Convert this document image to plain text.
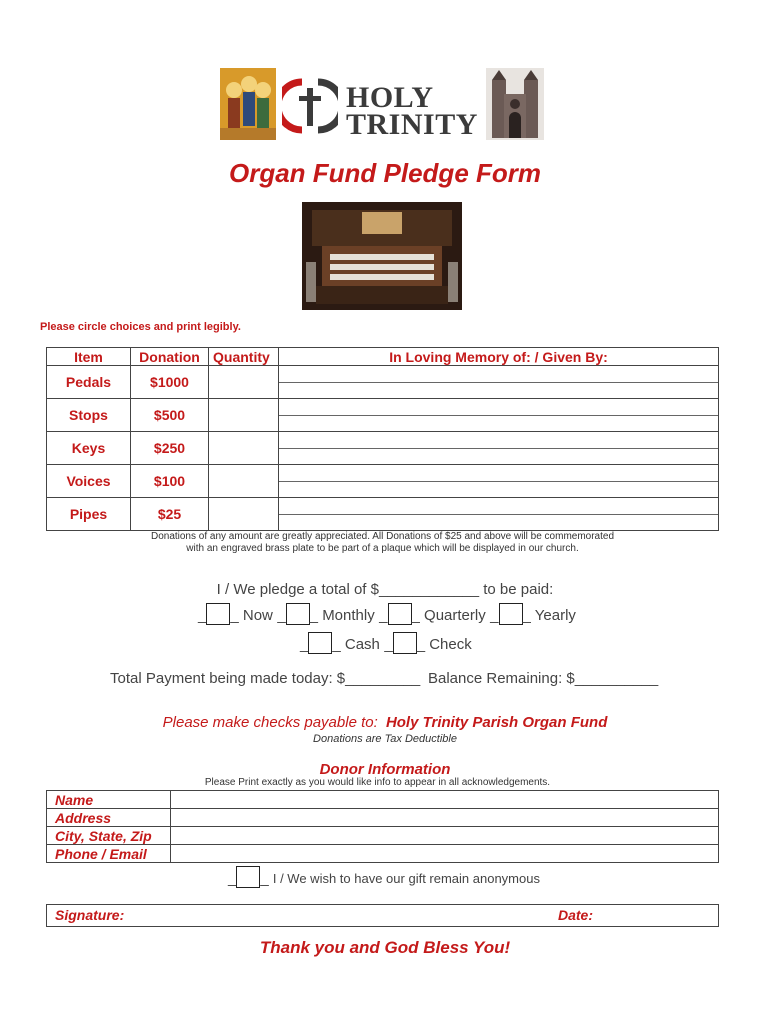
HOLY
TRINITY
Organ Fund Pledge Form
Please circle choices and print legibly.
Item	Donation	Quantity	In Loving Memory of: / Given By:
Pedals	$1000		

Stops	$500		

Keys	$250		

Voices	$100		

Pipes	$25		
Donations of any amount are greatly appreciated. All Donations of $25 and above will be commemorated
with an engraved brass plate to be part of a plaque which will be displayed in our church.
I / We pledge a total of $____________ to be paid:
_ _ Now _ _ Monthly _ _ Quarterly _ _ Yearly
_ _ Cash _ _ Check
Total Payment being made today: $_________ Balance Remaining: $__________
Please make checks payable to: Holy Trinity Parish Organ Fund
Donations are Tax Deductible
Donor Information
Please Print exactly as you would like info to appear in all acknowledgements.
Name	
Address	
City, State, Zip	
Phone / Email	
_ _ I / We wish to have our gift remain anonymous
Signature:	Date:
Thank you and God Bless You!
